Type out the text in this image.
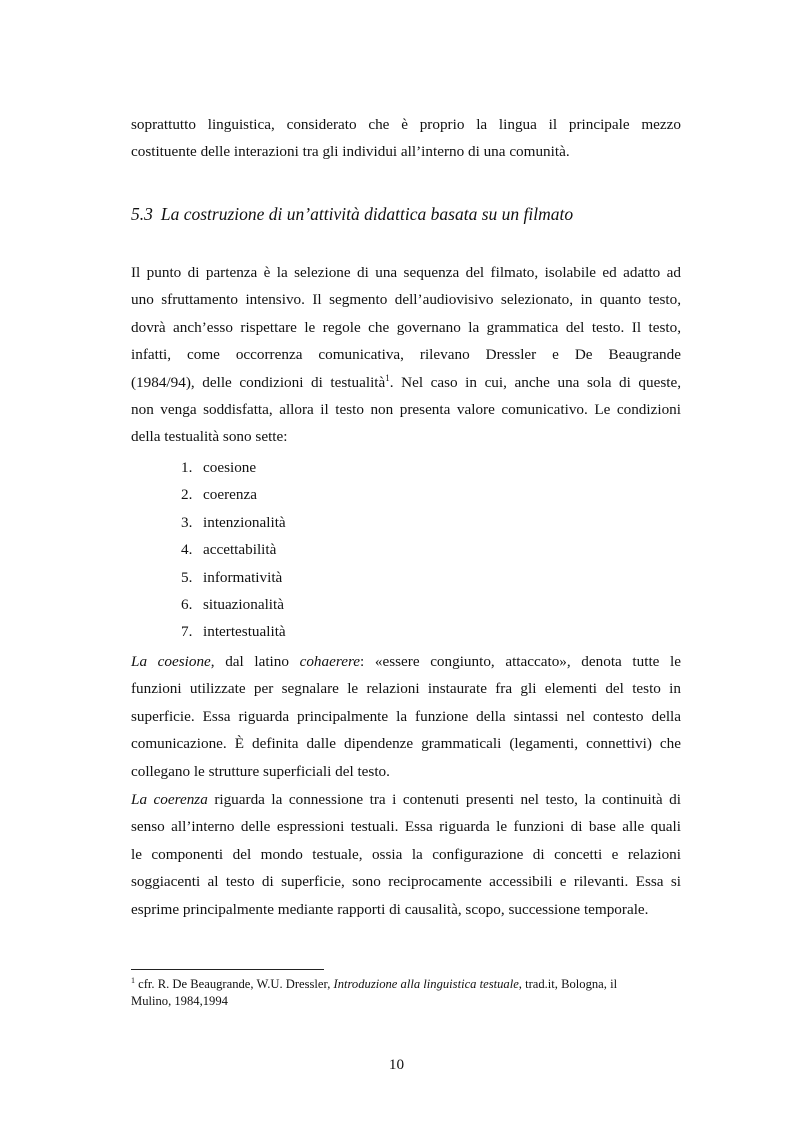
soprattutto linguistica, considerato che è proprio la lingua il principale mezzo
costituente delle interazioni tra gli individui all’interno di una comunità.

5.3 La costruzione di un’attività didattica basata su un filmato

Il punto di partenza è la selezione di una sequenza del filmato, isolabile ed adatto ad
uno sfruttamento intensivo. Il segmento dell’audiovisivo selezionato, in quanto testo,
dovrà anch’esso rispettare le regole che governano la grammatica del testo. Il testo,
infatti, come occorrenza comunicativa, rilevano Dressler e De Beaugrande
(1984/94), delle condizioni di testualità$^1$. Nel caso in cui, anche una sola di queste,
non venga soddisfatta, allora il testo non presenta valore comunicativo. Le condizioni
della testualità sono sette:

1. coesione
2. coerenza
3. intenzionalità
4. accettabilità
5. informatività
6. situazionalità
7. intertestualità

La coesione, dal latino cohaerere: «essere congiunto, attaccato», denota tutte le
funzioni utilizzate per segnalare le relazioni instaurate fra gli elementi del testo in
superficie. Essa riguarda principalmente la funzione della sintassi nel contesto della
comunicazione. È definita dalle dipendenze grammaticali (legamenti, connettivi) che
collegano le strutture superficiali del testo.

La coerenza riguarda la connessione tra i contenuti presenti nel testo, la continuità di
senso all’interno delle espressioni testuali. Essa riguarda le funzioni di base alle quali
le componenti del mondo testuale, ossia la configurazione di concetti e relazioni
soggiacenti al testo di superficie, sono reciprocamente accessibili e rilevanti. Essa si
esprime principalmente mediante rapporti di causalità, scopo, successione temporale.

$^1$ cfr. R. De Beaugrande, W.U. Dressler, Introduzione alla linguistica testuale, trad.it, Bologna, il
Mulino, 1984,1994

10
